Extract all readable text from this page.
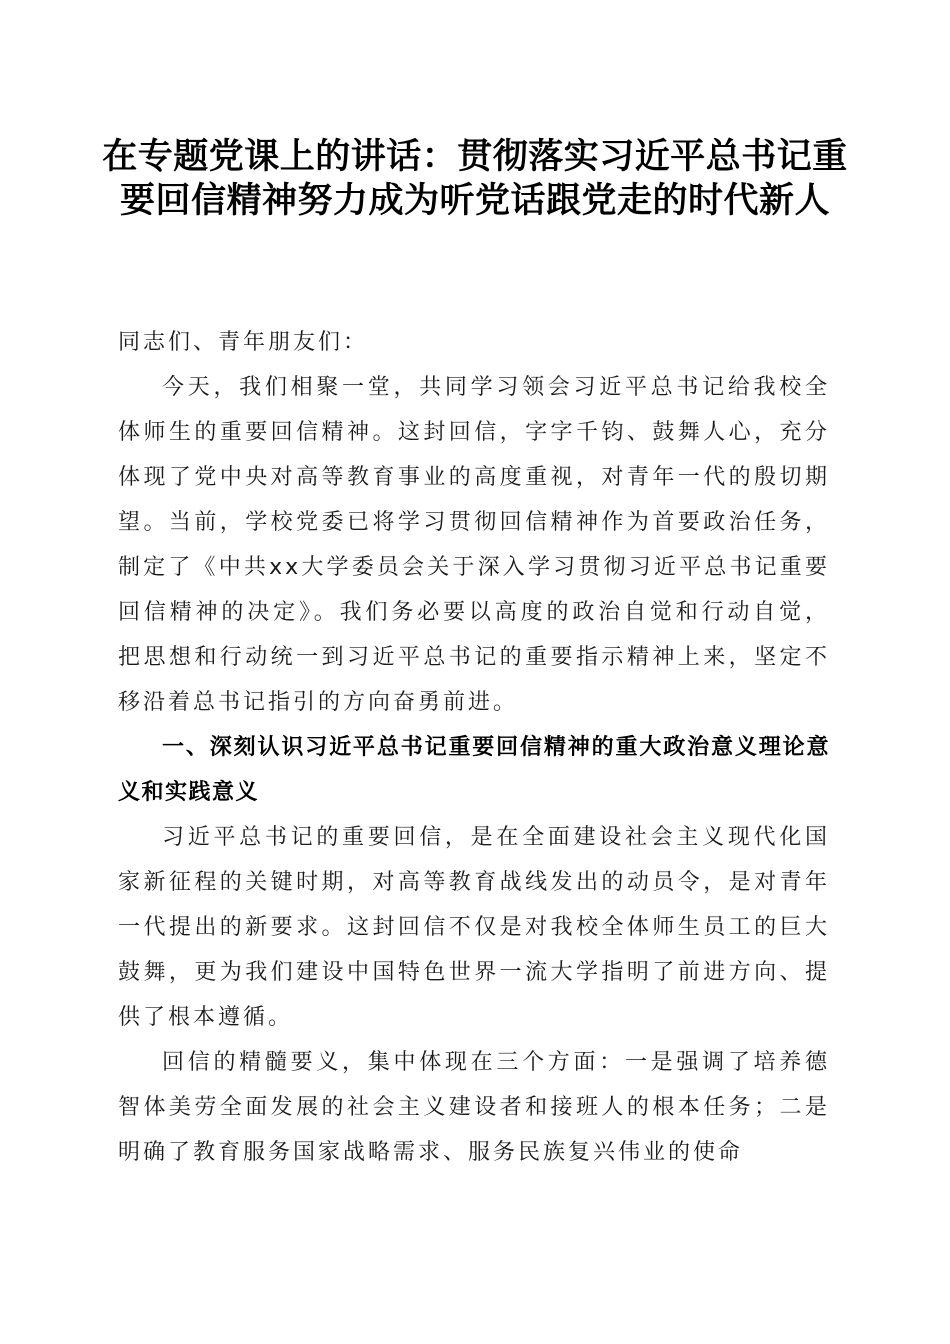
在专题党课上的讲话：贯彻落实习近平总书记重要回信精神努力成为听党话跟党走的时代新人

同志们、青年朋友们：

今天，我们相聚一堂，共同学习领会习近平总书记给我校全体师生的重要回信精神。这封回信，字字千钧、鼓舞人心，充分体现了党中央对高等教育事业的高度重视，对青年一代的殷切期望。当前，学校党委已将学习贯彻回信精神作为首要政治任务，制定了《中共xx大学委员会关于深入学习贯彻习近平总书记重要回信精神的决定》。我们务必要以高度的政治自觉和行动自觉，把思想和行动统一到习近平总书记的重要指示精神上来，坚定不移沿着总书记指引的方向奋勇前进。

一、深刻认识习近平总书记重要回信精神的重大政治意义理论意义和实践意义

习近平总书记的重要回信，是在全面建设社会主义现代化国家新征程的关键时期，对高等教育战线发出的动员令，是对青年一代提出的新要求。这封回信不仅是对我校全体师生员工的巨大鼓舞，更为我们建设中国特色世界一流大学指明了前进方向、提供了根本遵循。

回信的精髓要义，集中体现在三个方面：一是强调了培养德智体美劳全面发展的社会主义建设者和接班人的根本任务；二是明确了教育服务国家战略需求、服务民族复兴伟业的使命
